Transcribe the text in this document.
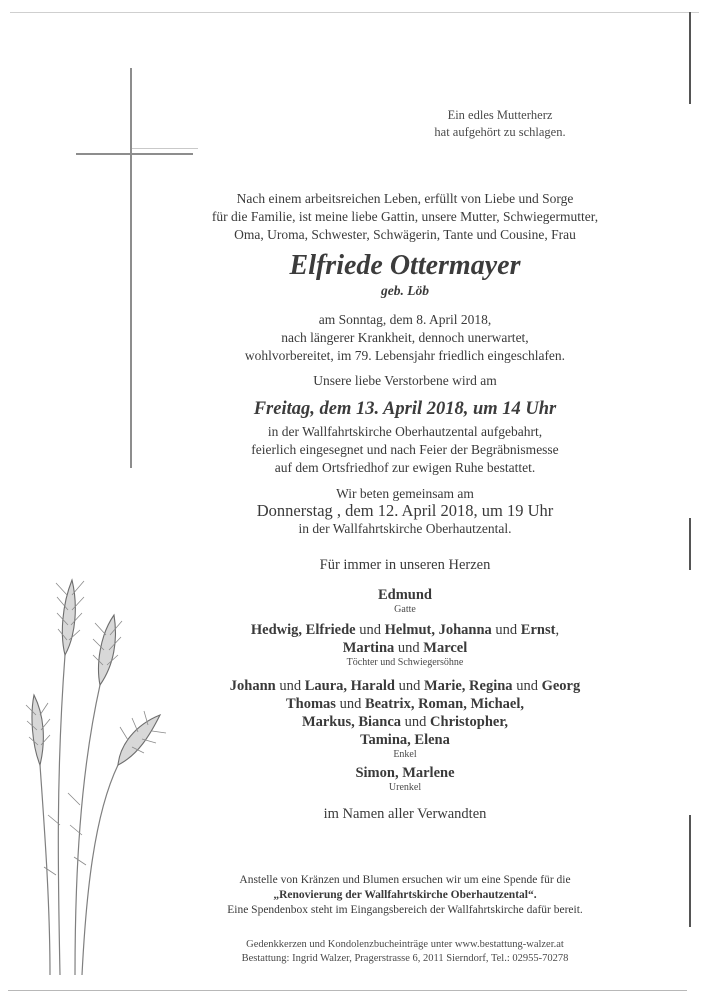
Ein edles Mutterherz
hat aufgehört zu schlagen.
Nach einem arbeitsreichen Leben, erfüllt von Liebe und Sorge
für die Familie, ist meine liebe Gattin, unsere Mutter, Schwiegermutter,
Oma, Uroma, Schwester, Schwägerin, Tante und Cousine, Frau
Elfriede Ottermayer
geb. Löb
am Sonntag, dem 8. April 2018,
nach längerer Krankheit, dennoch unerwartet,
wohlvorbereitet, im 79. Lebensjahr friedlich eingeschlafen.
Unsere liebe Verstorbene wird am
Freitag, dem 13. April 2018, um 14 Uhr
in der Wallfahrtskirche Oberhautzental aufgebahrt,
feierlich eingesegnet und nach Feier der Begräbnismesse
auf dem Ortsfriedhof zur ewigen Ruhe bestattet.
Wir beten gemeinsam am
Donnerstag , dem 12. April 2018, um 19 Uhr
in der Wallfahrtskirche Oberhautzental.
Für immer in unseren Herzen
Edmund
Gatte
Hedwig, Elfriede und Helmut, Johanna und Ernst,
Martina und Marcel
Töchter und Schwiegersöhne
Johann und Laura, Harald und Marie, Regina und Georg
Thomas und Beatrix, Roman, Michael,
Markus, Bianca und Christopher,
Tamina, Elena
Enkel
Simon, Marlene
Urenkel
im Namen aller Verwandten
Anstelle von Kränzen und Blumen ersuchen wir um eine Spende für die
„Renovierung der Wallfahrtskirche Oberhautzental“.
Eine Spendenbox steht im Eingangsbereich der Wallfahrtskirche dafür bereit.
Gedenkkerzen und Kondolenzbucheinträge unter www.bestattung-walzer.at
Bestattung: Ingrid Walzer, Pragerstrasse 6, 2011 Sierndorf, Tel.: 02955-70278
